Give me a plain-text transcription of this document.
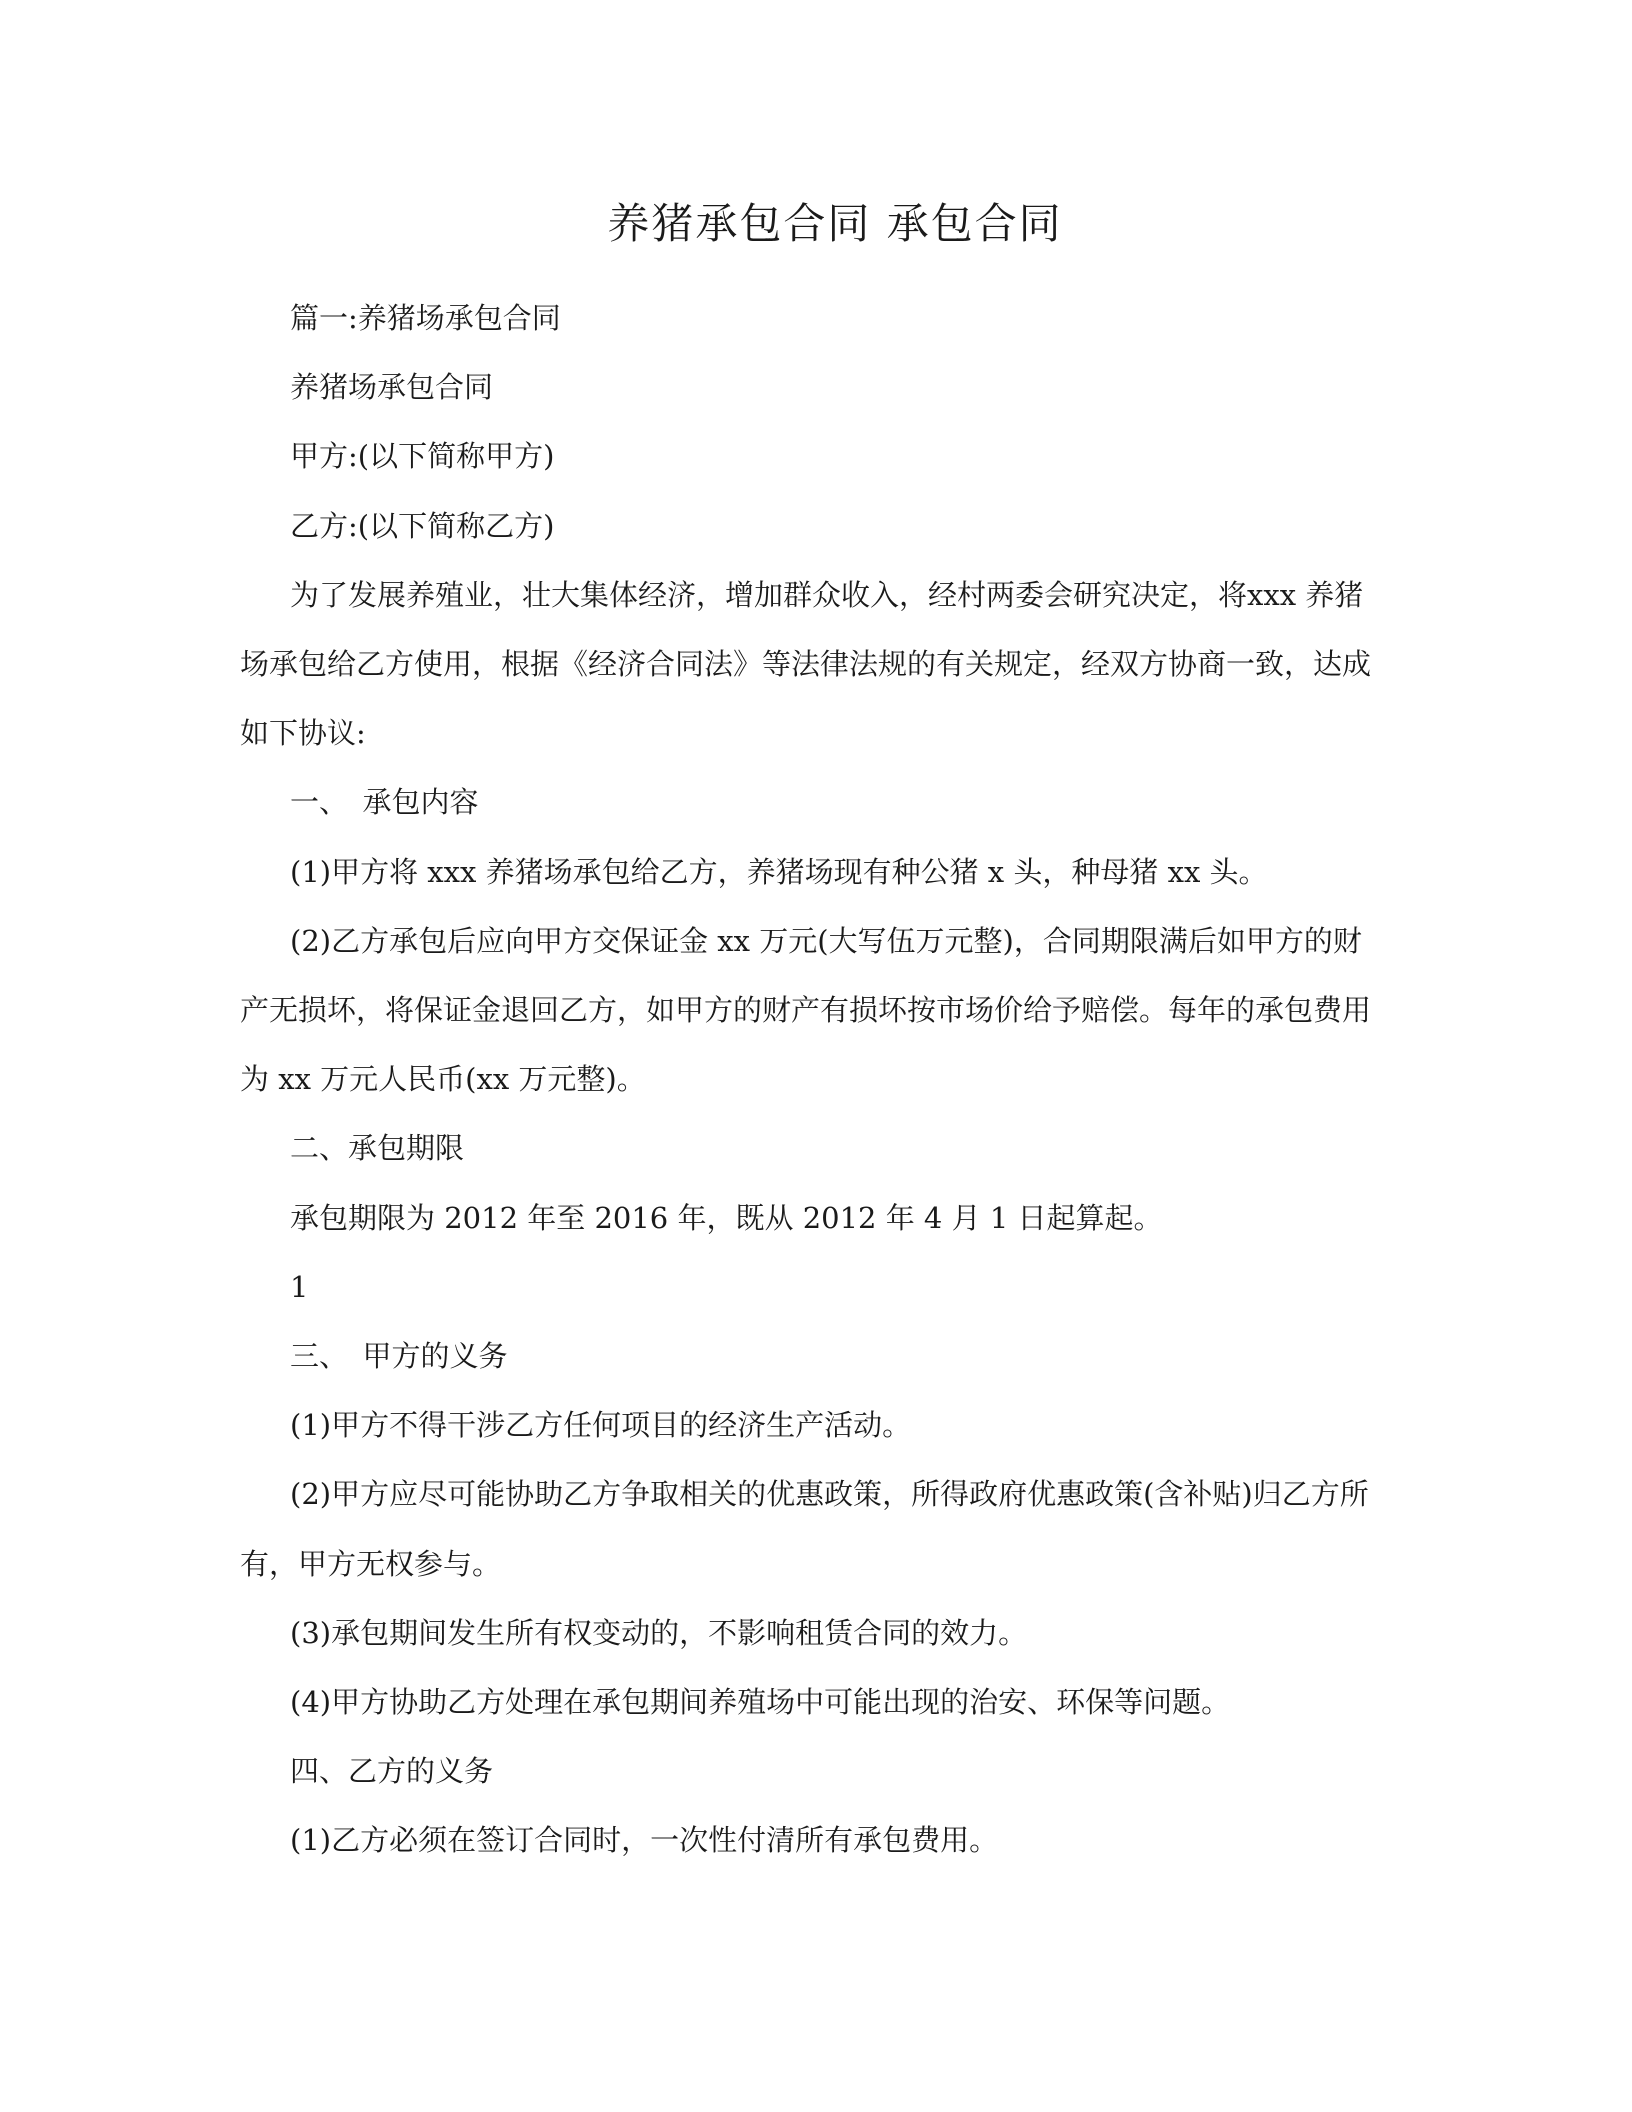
养猪承包合同 承包合同

篇一:养猪场承包合同

养猪场承包合同

甲方:(以下简称甲方)

乙方:(以下简称乙方)

为了发展养殖业，壮大集体经济，增加群众收入，经村两委会研究决定，将xxx 养猪场承包给乙方使用，根据《经济合同法》等法律法规的有关规定，经双方协商一致，达成如下协议:

一、　承包内容

(1)甲方将 xxx 养猪场承包给乙方，养猪场现有种公猪 x 头，种母猪 xx 头。

(2)乙方承包后应向甲方交保证金 xx 万元(大写伍万元整)，合同期限满后如甲方的财产无损坏，将保证金退回乙方，如甲方的财产有损坏按市场价给予赔偿。每年的承包费用为 xx 万元人民币(xx 万元整)。

二、承包期限

承包期限为 2012 年至 2016 年，既从 2012 年 4 月 1 日起算起。

1

三、　甲方的义务

(1)甲方不得干涉乙方任何项目的经济生产活动。

(2)甲方应尽可能协助乙方争取相关的优惠政策，所得政府优惠政策(含补贴)归乙方所有，甲方无权参与。

(3)承包期间发生所有权变动的，不影响租赁合同的效力。

(4)甲方协助乙方处理在承包期间养殖场中可能出现的治安、环保等问题。

四、乙方的义务

(1)乙方必须在签订合同时，一次性付清所有承包费用。
